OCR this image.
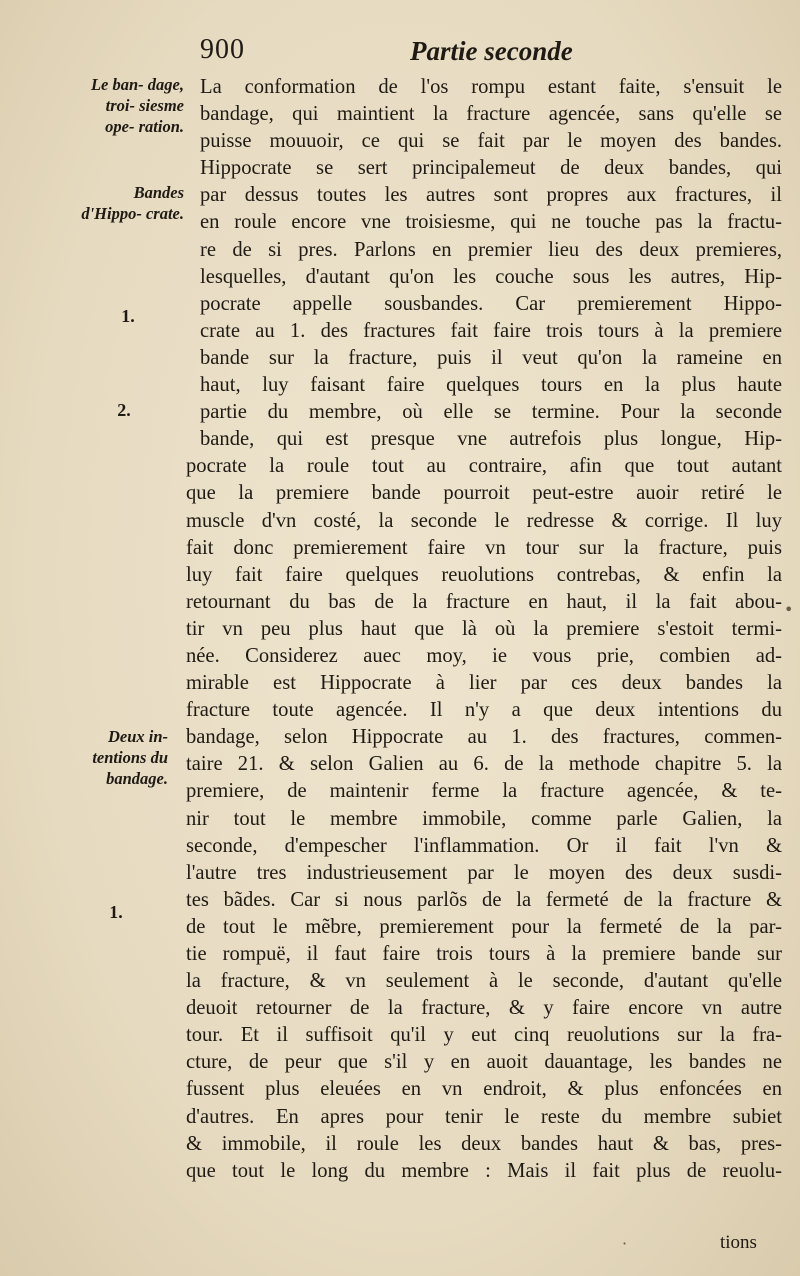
900	Partie seconde
Le ban- dage, troi- siesme ope- ration.
Bandes d'Hippo- crate.
Deux in- tentions du bandage.
1.
2.
1.
La conformation de l'os rompu estant faite, s'ensuit le
bandage, qui maintient la fracture agencée, sans qu'elle se
puisse mouuoir, ce qui se fait par le moyen des bandes.
Hippocrate se sert principalemeut de deux bandes, qui
par dessus toutes les autres sont propres aux fractures, il
en roule encore vne troisiesme, qui ne touche pas la fractu-
re de si pres. Parlons en premier lieu des deux premieres,
lesquelles, d'autant qu'on les couche sous les autres, Hip-
pocrate appelle sousbandes. Car premierement Hippo-
crate au 1. des fractures fait faire trois tours à la premiere
bande sur la fracture, puis il veut qu'on la rameine en
haut, luy faisant faire quelques tours en la plus haute
partie du membre, où elle se termine. Pour la seconde
bande, qui est presque vne autrefois plus longue, Hip-
pocrate la roule tout au contraire, afin que tout autant
que la premiere bande pourroit peut-estre auoir retiré le
muscle d'vn costé, la seconde le redresse & corrige. Il luy
fait donc premierement faire vn tour sur la fracture, puis
luy fait faire quelques reuolutions contrebas, & enfin la
retournant du bas de la fracture en haut, il la fait abou-
tir vn peu plus haut que là où la premiere s'estoit termi-
née. Considerez auec moy, ie vous prie, combien ad-
mirable est Hippocrate à lier par ces deux bandes la
fracture toute agencée. Il n'y a que deux intentions du
bandage, selon Hippocrate au 1. des fractures, commen-
taire 21. & selon Galien au 6. de la methode chapitre 5. la
premiere, de maintenir ferme la fracture agencée, & te-
nir tout le membre immobile, comme parle Galien, la
seconde, d'empescher l'inflammation. Or il fait l'vn &
l'autre tres industrieusement par le moyen des deux susdi-
tes bãdes. Car si nous parlõs de la fermeté de la fracture &
de tout le mẽbre, premierement pour la fermeté de la par-
tie rompuë, il faut faire trois tours à la premiere bande sur
la fracture, & vn seulement à le seconde, d'autant qu'elle
deuoit retourner de la fracture, & y faire encore vn autre
tour. Et il suffisoit qu'il y eut cinq reuolutions sur la fra-
cture, de peur que s'il y en auoit dauantage, les bandes ne
fussent plus eleuées en vn endroit, & plus enfoncées en
d'autres. En apres pour tenir le reste du membre subiet
& immobile, il roule les deux bandes haut & bas, pres-
que tout le long du membre : Mais il fait plus de reuolu-
tions
•
·
